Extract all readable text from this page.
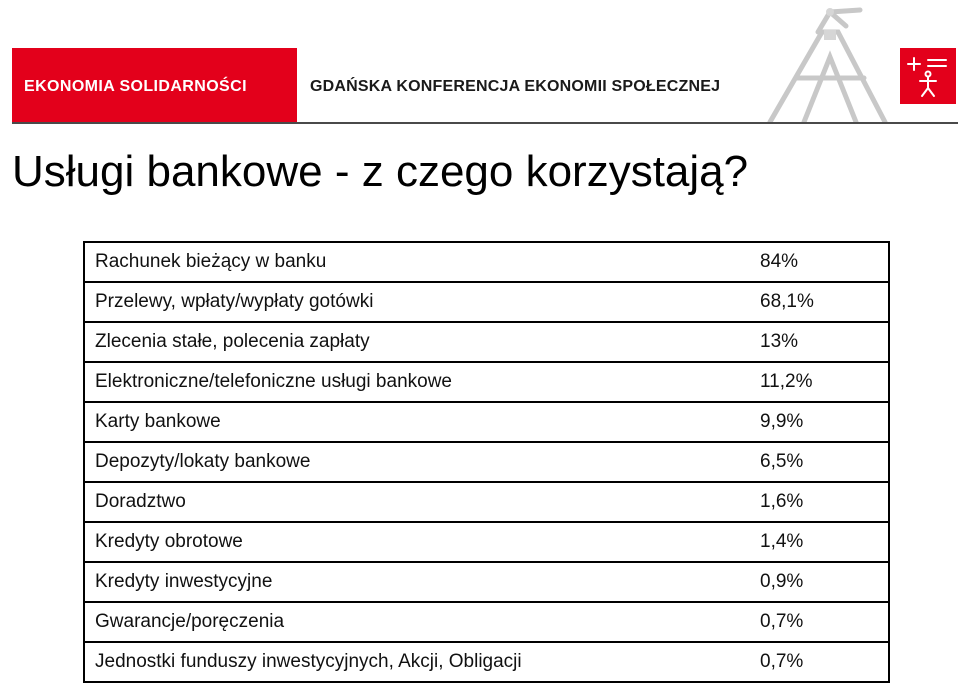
EKONOMIA SOLIDARNOŚCI	GDAŃSKA KONFERENCJA EKONOMII SPOŁECZNEJ
Usługi bankowe - z czego korzystają?
Rachunek bieżący w banku	84%
Przelewy, wpłaty/wypłaty gotówki	68,1%
Zlecenia stałe, polecenia zapłaty	13%
Elektroniczne/telefoniczne usługi bankowe	11,2%
Karty bankowe	9,9%
Depozyty/lokaty bankowe	6,5%
Doradztwo	1,6%
Kredyty obrotowe	1,4%
Kredyty inwestycyjne	0,9%
Gwarancje/poręczenia	0,7%
Jednostki funduszy inwestycyjnych, Akcji, Obligacji	0,7%
